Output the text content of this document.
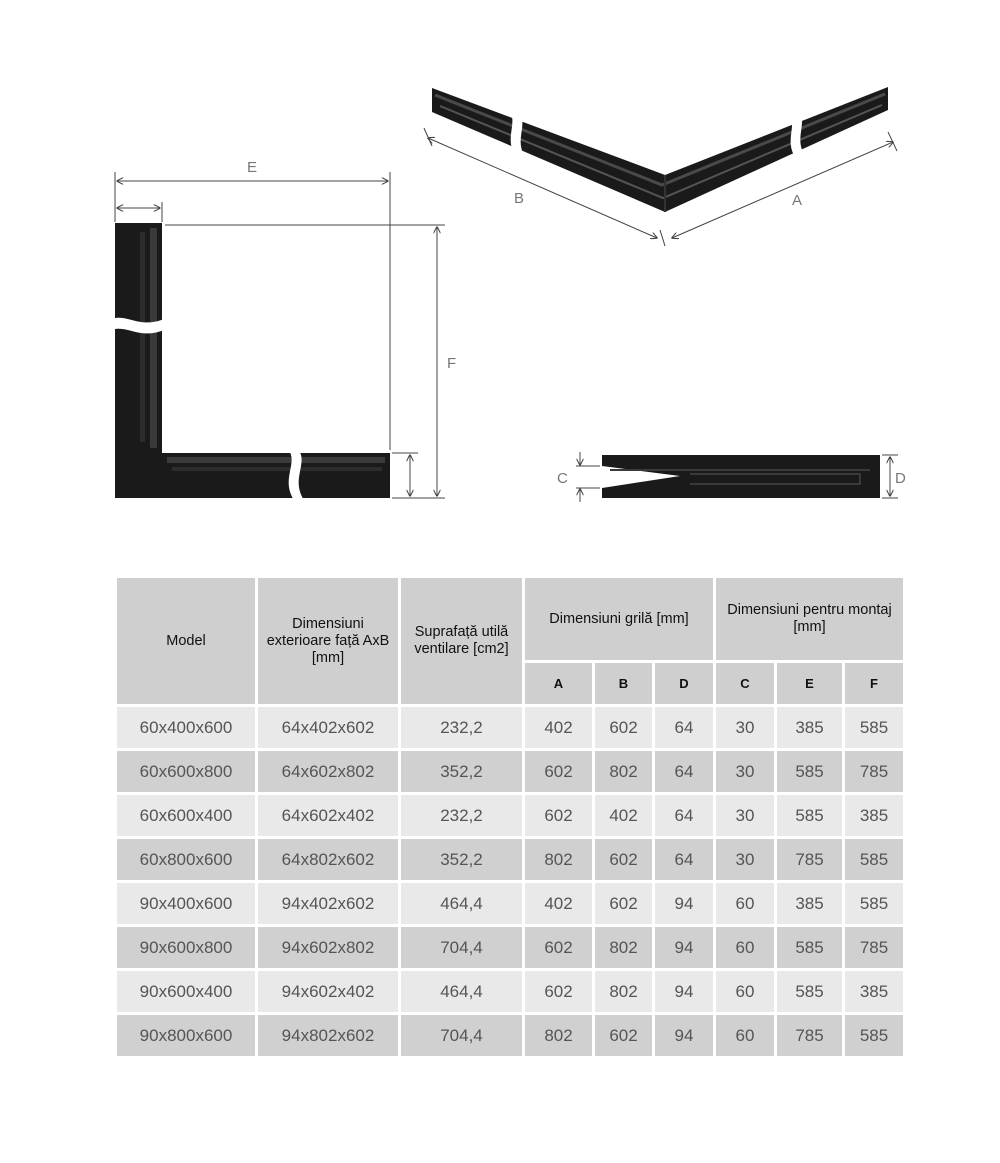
E
F
B	A
C	D
Model	Dimensiuni exterioare față AxB [mm]	Suprafață utilă ventilare [cm2]	Dimensiuni grilă [mm]			Dimensiuni pentru montaj [mm]		
			A	B	D	C	E	F
60x400x600	64x402x602	232,2	402	602	64	30	385	585
60x600x800	64x602x802	352,2	602	802	64	30	585	785
60x600x400	64x602x402	232,2	602	402	64	30	585	385
60x800x600	64x802x602	352,2	802	602	64	30	785	585
90x400x600	94x402x602	464,4	402	602	94	60	385	585
90x600x800	94x602x802	704,4	602	802	94	60	585	785
90x600x400	94x602x402	464,4	602	802	94	60	585	385
90x800x600	94x802x602	704,4	802	602	94	60	785	585
